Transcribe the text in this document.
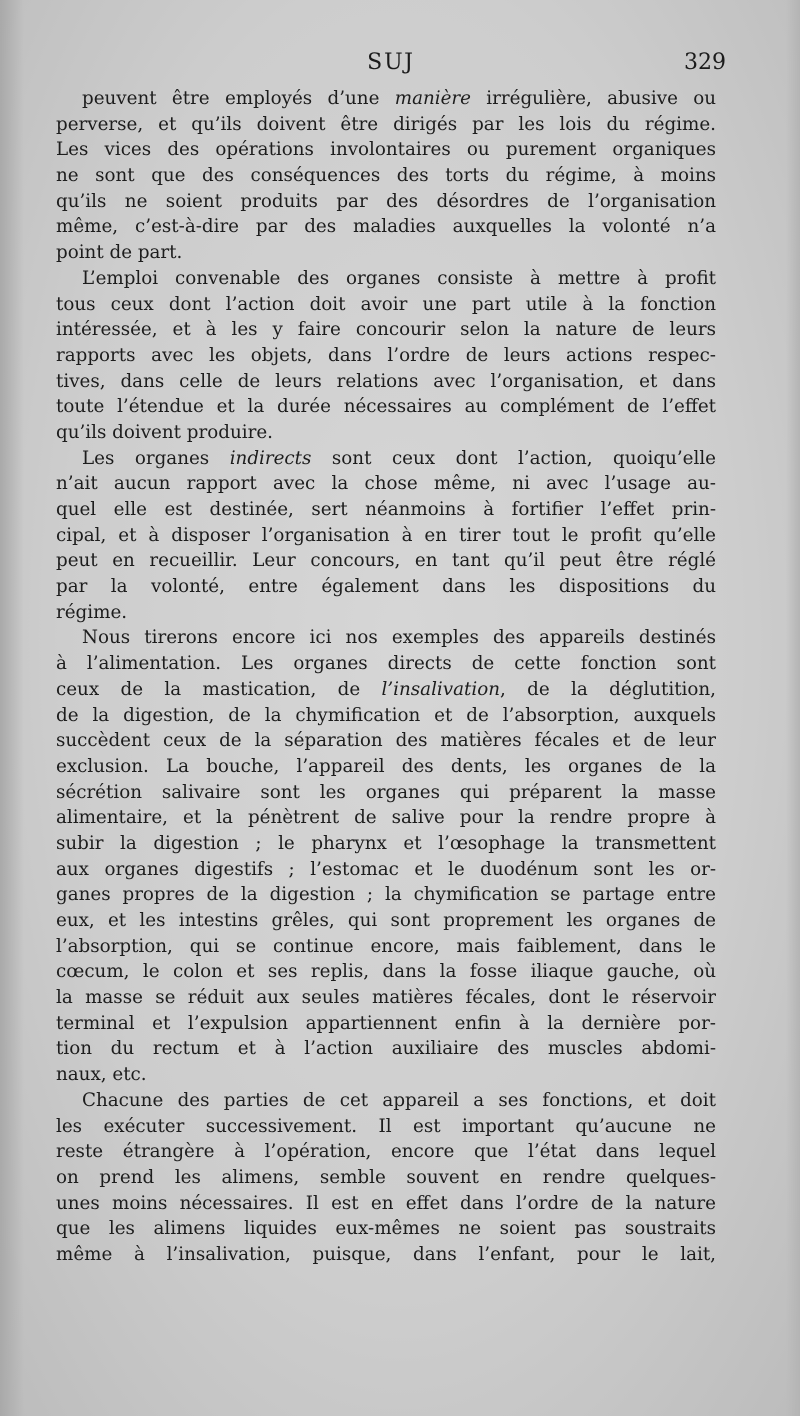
SUJ	329
peuvent être employés d’une manière irrégulière, abusive ou
perverse, et qu’ils doivent être dirigés par les lois du régime.
Les vices des opérations involontaires ou purement organiques
ne sont que des conséquences des torts du régime, à moins
qu’ils ne soient produits par des désordres de l’organisation
même, c’est-à-dire par des maladies auxquelles la volonté n’a
point de part.
L’emploi convenable des organes consiste à mettre à profit
tous ceux dont l’action doit avoir une part utile à la fonction
intéressée, et à les y faire concourir selon la nature de leurs
rapports avec les objets, dans l’ordre de leurs actions respec-
tives, dans celle de leurs relations avec l’organisation, et dans
toute l’étendue et la durée nécessaires au complément de l’effet
qu’ils doivent produire.
Les organes indirects sont ceux dont l’action, quoiqu’elle
n’ait aucun rapport avec la chose même, ni avec l’usage au-
quel elle est destinée, sert néanmoins à fortifier l’effet prin-
cipal, et à disposer l’organisation à en tirer tout le profit qu’elle
peut en recueillir. Leur concours, en tant qu’il peut être réglé
par la volonté, entre également dans les dispositions du
régime.
Nous tirerons encore ici nos exemples des appareils destinés
à l’alimentation. Les organes directs de cette fonction sont
ceux de la mastication, de l’insalivation, de la déglutition,
de la digestion, de la chymification et de l’absorption, auxquels
succèdent ceux de la séparation des matières fécales et de leur
exclusion. La bouche, l’appareil des dents, les organes de la
sécrétion salivaire sont les organes qui préparent la masse
alimentaire, et la pénètrent de salive pour la rendre propre à
subir la digestion ; le pharynx et l’œsophage la transmettent
aux organes digestifs ; l’estomac et le duodénum sont les or-
ganes propres de la digestion ; la chymification se partage entre
eux, et les intestins grêles, qui sont proprement les organes de
l’absorption, qui se continue encore, mais faiblement, dans le
cœcum, le colon et ses replis, dans la fosse iliaque gauche, où
la masse se réduit aux seules matières fécales, dont le réservoir
terminal et l’expulsion appartiennent enfin à la dernière por-
tion du rectum et à l’action auxiliaire des muscles abdomi-
naux, etc.
Chacune des parties de cet appareil a ses fonctions, et doit
les exécuter successivement. Il est important qu’aucune ne
reste étrangère à l’opération, encore que l’état dans lequel
on prend les alimens, semble souvent en rendre quelques-
unes moins nécessaires. Il est en effet dans l’ordre de la nature
que les alimens liquides eux-mêmes ne soient pas soustraits
même à l’insalivation, puisque, dans l’enfant, pour le lait,
